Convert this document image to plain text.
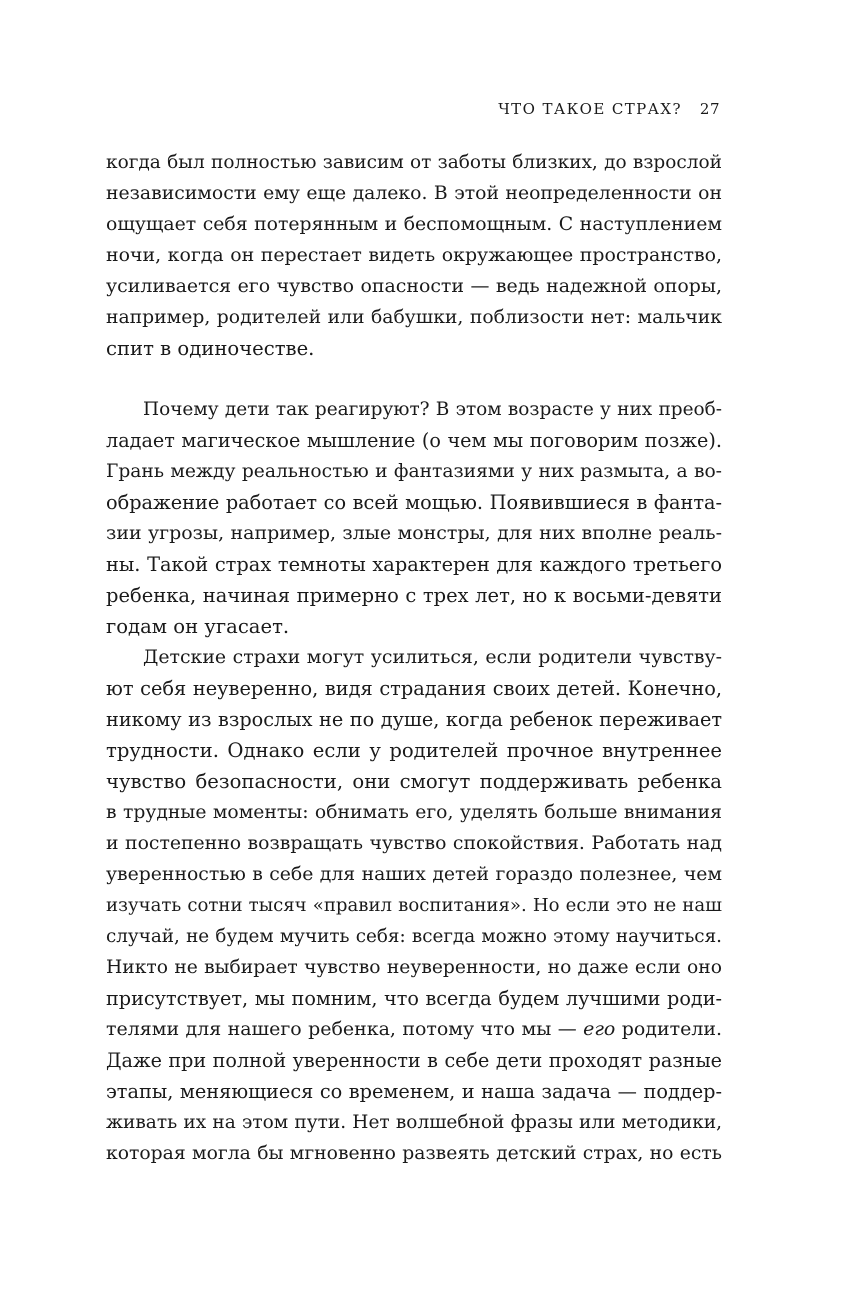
ЧТО ТАКОЕ СТРАХ? 27
когда был полностью зависим от заботы близких, до взрослой
независимости ему еще далеко. В этой неопределенности он
ощущает себя потерянным и беспомощным. С наступлением
ночи, когда он перестает видеть окружающее пространство,
усиливается его чувство опасности — ведь надежной опоры,
например, родителей или бабушки, поблизости нет: мальчик
спит в одиночестве.
Почему дети так реагируют? В этом возрасте у них преоб-
ладает магическое мышление (о чем мы поговорим позже).
Грань между реальностью и фантазиями у них размыта, а во-
ображение работает со всей мощью. Появившиеся в фанта-
зии угрозы, например, злые монстры, для них вполне реаль-
ны. Такой страх темноты характерен для каждого третьего
ребенка, начиная примерно с трех лет, но к восьми-девяти
годам он угасает.
Детские страхи могут усилиться, если родители чувству-
ют себя неуверенно, видя страдания своих детей. Конечно,
никому из взрослых не по душе, когда ребенок переживает
трудности. Однако если у родителей прочное внутреннее
чувство безопасности, они смогут поддерживать ребенка
в трудные моменты: обнимать его, уделять больше внимания
и постепенно возвращать чувство спокойствия. Работать над
уверенностью в себе для наших детей гораздо полезнее, чем
изучать сотни тысяч «правил воспитания». Но если это не наш
случай, не будем мучить себя: всегда можно этому научиться.
Никто не выбирает чувство неуверенности, но даже если оно
присутствует, мы помним, что всегда будем лучшими роди-
телями для нашего ребенка, потому что мы — его родители.
Даже при полной уверенности в себе дети проходят разные
этапы, меняющиеся со временем, и наша задача — поддер-
живать их на этом пути. Нет волшебной фразы или методики,
которая могла бы мгновенно развеять детский страх, но есть
